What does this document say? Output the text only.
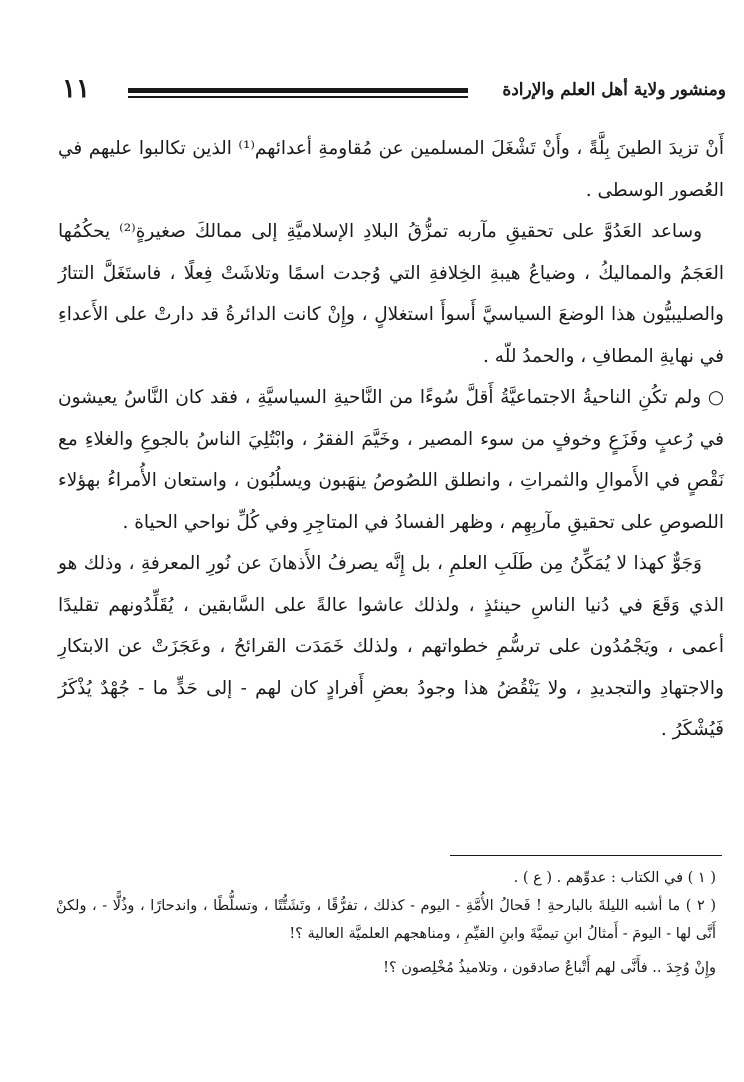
١١	ومنشور ولاية أهل العلم والإرادة

أَنْ تزيدَ الطينَ بِلَّةً ، وأَنْ تَشْغَلَ المسلمين عن مُقاومةِ أعدائهم⁽¹⁾ الذين تكالبوا عليهم في العُصور الوسطى .

وساعد العَدُوَّ على تحقيقِ مآربه تمزُّقُ البلادِ الإسلاميَّةِ إلى ممالكَ صغيرةٍ⁽²⁾ يحكُمُها العَجَمُ والمماليكُ ، وضياعُ هيبةِ الخِلافةِ التي وُجدت اسمًا وتلاشَتْ فِعلًا ، فاستَغَلَّ التتارُ والصليبيُّون هذا الوضعَ السياسيَّ أَسوأَ استغلالٍ ، وإِنْ كانت الدائرةُ قد دارتْ على الأَعداءِ في نهايةِ المطافِ ، والحمدُ للّه .

○ ولم تكُنِ الناحيةُ الاجتماعيَّةُ أَقلَّ سُوءًا من النَّاحيةِ السياسيَّةِ ، فقد كان النَّاسُ يعيشون في رُعبٍ وفَزَعٍ وخوفٍ من سوء المصير ، وخَيَّمَ الفقرُ ، وابْتُلِيَ الناسُ بالجوعِ والغلاءِ مع نَقْصٍ في الأَموالِ والثمراتِ ، وانطلق اللصُوصُ ينهَبون ويسلُبُون ، واستعان الأُمراءُ بهؤلاء اللصوصِ على تحقيقِ مآربِهِم ، وظهر الفسادُ في المتاجِرِ وفي كُلِّ نواحي الحياة .

وَجَوٌّ كهذا لا يُمَكِّنُ مِن طَلَبِ العلمِ ، بل إِنَّه يصرفُ الأَذهانَ عن نُورِ المعرفةِ ، وذلك هو الذي وَقَعَ في دُنيا الناسِ حينئذٍ ، ولذلك عاشوا عالةً على السَّابقين ، يُقَلِّدُونهم تقليدًا أعمى ، ويَجْمُدُون على ترسُّمِ خطواتهم ، ولذلك خَمَدَت القرائحُ ، وعَجَزَتْ عن الابتكارِ والاجتهادِ والتجديدِ ، ولا يَنْقُضُ هذا وجودُ بعضِ أَفرادٍ كان لهم - إلى حَدٍّ ما - جُهْدٌ يُذْكَرُ فَيُشْكَرُ .

( ١ ) في الكتاب : عدوِّهم . ( ع ) .

( ٢ ) ما أشبه الليلةَ بالبارحةِ ! فَحالُ الأُمَّةِ - اليوم - كذلك ، تفرُّقًا ، وتَشَتُّتًا ، وتسلُّطًا ، واندحارًا ، وذُلًّا - ، ولكنْ أَنَّى لها - اليومَ - أَمثالُ ابنِ تيميَّةَ وابنِ القيِّمِ ، ومناهجهم العلميَّة العالية ؟!

وإِنْ وُجِدَ .. فأَنَّى لهم أَتْباعٌ صادقون ، وتلاميذُ مُخْلِصون ؟!
